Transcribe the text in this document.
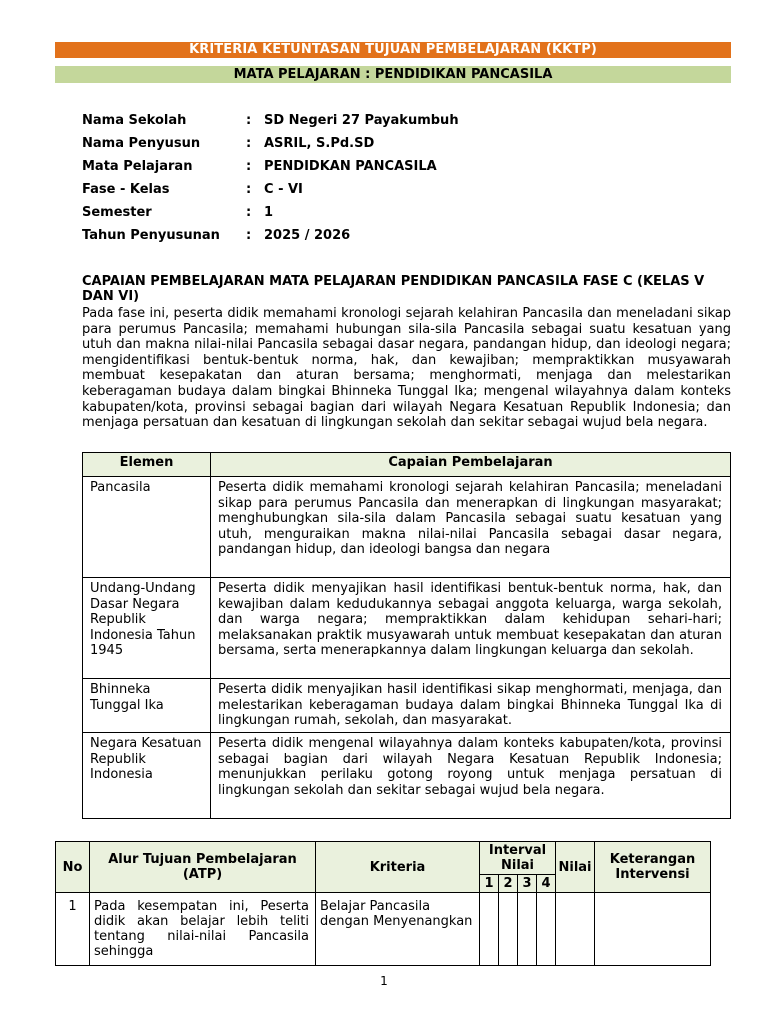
KRITERIA KETUNTASAN TUJUAN PEMBELAJARAN (KKTP)
MATA PELAJARAN : PENDIDIKAN PANCASILA
Nama Sekolah	: SD Negeri 27 Payakumbuh
Nama Penyusun	: ASRIL, S.Pd.SD
Mata Pelajaran	: PENDIDKAN PANCASILA
Fase - Kelas	: C - VI
Semester	: 1
Tahun Penyusunan	: 2025 / 2026
CAPAIAN PEMBELAJARAN MATA PELAJARAN PENDIDIKAN PANCASILA FASE C (KELAS V DAN VI)
Pada fase ini, peserta didik memahami kronologi sejarah kelahiran Pancasila dan meneladani sikap para perumus Pancasila; memahami hubungan sila-sila Pancasila sebagai suatu kesatuan yang utuh dan makna nilai-nilai Pancasila sebagai dasar negara, pandangan hidup, dan ideologi negara; mengidentifikasi bentuk-bentuk norma, hak, dan kewajiban; mempraktikkan musyawarah membuat kesepakatan dan aturan bersama; menghormati, menjaga dan melestarikan keberagaman budaya dalam bingkai Bhinneka Tunggal Ika; mengenal wilayahnya dalam konteks kabupaten/kota, provinsi sebagai bagian dari wilayah Negara Kesatuan Republik Indonesia; dan menjaga persatuan dan kesatuan di lingkungan sekolah dan sekitar sebagai wujud bela negara.
Elemen	Capaian Pembelajaran
Pancasila	Peserta didik memahami kronologi sejarah kelahiran Pancasila; meneladani sikap para perumus Pancasila dan menerapkan di lingkungan masyarakat; menghubungkan sila-sila dalam Pancasila sebagai suatu kesatuan yang utuh, menguraikan makna nilai-nilai Pancasila sebagai dasar negara, pandangan hidup, dan ideologi bangsa dan negara
Undang-Undang Dasar Negara Republik Indonesia Tahun 1945	Peserta didik menyajikan hasil identifikasi bentuk-bentuk norma, hak, dan kewajiban dalam kedudukannya sebagai anggota keluarga, warga sekolah, dan warga negara; mempraktikkan dalam kehidupan sehari-hari; melaksanakan praktik musyawarah untuk membuat kesepakatan dan aturan bersama, serta menerapkannya dalam lingkungan keluarga dan sekolah.
Bhinneka Tunggal Ika	Peserta didik menyajikan hasil identifikasi sikap menghormati, menjaga, dan melestarikan keberagaman budaya dalam bingkai Bhinneka Tunggal Ika di lingkungan rumah, sekolah, dan masyarakat.
Negara Kesatuan Republik Indonesia	Peserta didik mengenal wilayahnya dalam konteks kabupaten/kota, provinsi sebagai bagian dari wilayah Negara Kesatuan Republik Indonesia; menunjukkan perilaku gotong royong untuk menjaga persatuan di lingkungan sekolah dan sekitar sebagai wujud bela negara.
No	Alur Tujuan Pembelajaran (ATP)	Kriteria	Interval Nilai				Nilai	Keterangan Intervensi
			1	2	3	4		
1	Pada kesempatan ini, Peserta didik akan belajar lebih teliti tentang nilai-nilai Pancasila sehingga	Belajar Pancasila dengan Menyenangkan						
1
